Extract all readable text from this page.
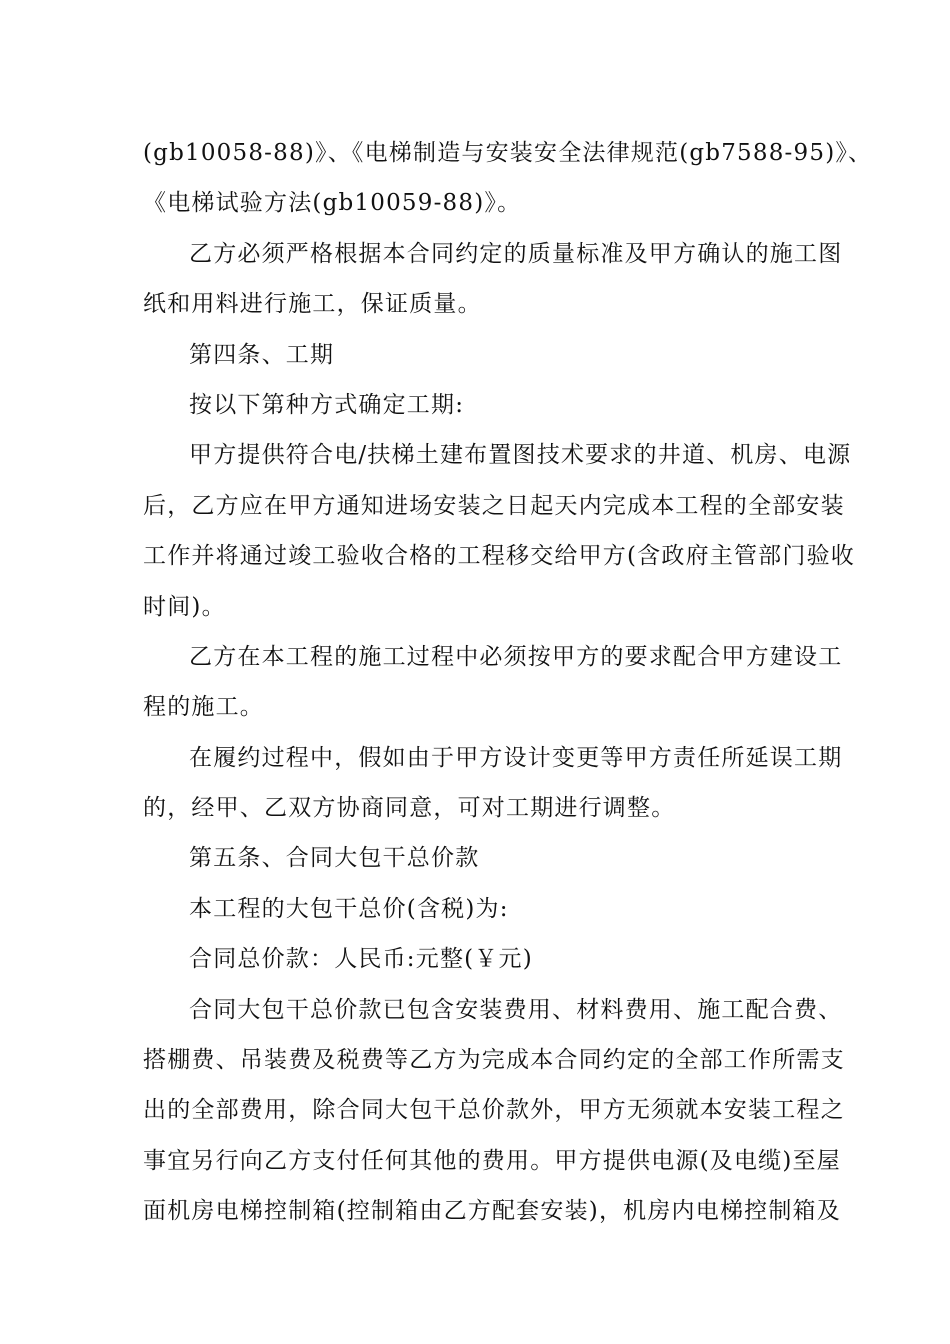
(gb10058-88)》、《电梯制造与安装安全法律规范(gb7588-95)》、
《电梯试验方法(gb10059-88)》。
乙方必须严格根据本合同约定的质量标准及甲方确认的施工图
纸和用料进行施工，保证质量。
第四条、工期
按以下第种方式确定工期:
甲方提供符合电/扶梯土建布置图技术要求的井道、机房、电源
后，乙方应在甲方通知进场安装之日起天内完成本工程的全部安装
工作并将通过竣工验收合格的工程移交给甲方(含政府主管部门验收
时间)。
乙方在本工程的施工过程中必须按甲方的要求配合甲方建设工
程的施工。
在履约过程中，假如由于甲方设计变更等甲方责任所延误工期
的，经甲、乙双方协商同意，可对工期进行调整。
第五条、合同大包干总价款
本工程的大包干总价(含税)为:
合同总价款：人民币:元整(￥元)
合同大包干总价款已包含安装费用、材料费用、施工配合费、
搭棚费、吊装费及税费等乙方为完成本合同约定的全部工作所需支
出的全部费用，除合同大包干总价款外，甲方无须就本安装工程之
事宜另行向乙方支付任何其他的费用。甲方提供电源(及电缆)至屋
面机房电梯控制箱(控制箱由乙方配套安装)，机房内电梯控制箱及
